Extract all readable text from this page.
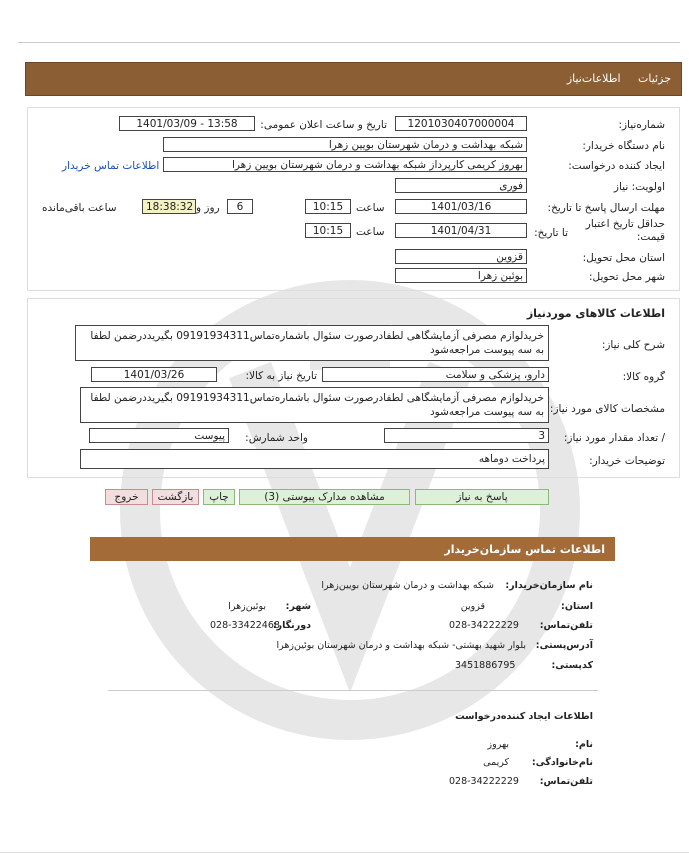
جزئیات اطلاعات‌نیاز
شماره‌نیاز:
1201030407000004
تاریخ و ساعت اعلان عمومی:
1401/03/09 - 13:58
نام دستگاه خریدار:
شبکه بهداشت و درمان شهرستان بویین زهرا
ایجاد کننده درخواست:
بهروز کریمی کارپرداز شبکه بهداشت و درمان شهرستان بویین زهرا
اطلاعات تماس خریدار
اولویت: نیاز
فوری
مهلت ارسال پاسخ تا تاریخ:
1401/03/16
ساعت
10:15
6
روز و
18:38:32
ساعت باقی‌مانده
حداقل تاریخ اعتبار
قیمت:
تا تاریخ:
1401/04/31
ساعت
10:15
استان محل تحویل:
قزوین
شهر محل تحویل:
بوئین زهرا
اطلاعات کالاهای موردنیاز
شرح کلی نیاز:
خریدلوازم مصرفی آزمایشگاهی لطفادرصورت سئوال باشماره‌تماس09191934311 بگیریددرضمن لطفا به سه پیوست مراجعه‌شود
گروه کالا:
دارو، پزشکی و سلامت
تاریخ نیاز به کالا:
1401/03/26
مشخصات کالای مورد نیاز:
خریدلوازم مصرفی آزمایشگاهی لطفادرصورت سئوال باشماره‌تماس09191934311 بگیریددرضمن لطفا به سه پیوست مراجعه‌شود
/ تعداد مقدار مورد نیاز:
3
واحد شمارش:
پیوست
توضیحات خریدار:
پرداخت دوماهه
پاسخ به نیاز
مشاهده مدارک پیوستی (3)
چاپ
بازگشت
خروج
اطلاعات تماس سازمان‌خریدار
نام سازمان‌خریدار:
شبکه بهداشت و درمان شهرستان بویین‌زهرا
استان:
قزوین
شهر:
بوئین‌زهرا
تلفن‌تماس:
028-34222229
دورنگار:
028-33422468
آدرس‌پستی:
بلوار شهید بهشتی- شبکه بهداشت و درمان شهرستان بوئین‌زهرا
کدپستی:
3451886795
اطلاعات ایجاد کننده‌درخواست
نام:
بهروز
نام‌خانوادگی:
کریمی
تلفن‌تماس:
028-34222229
